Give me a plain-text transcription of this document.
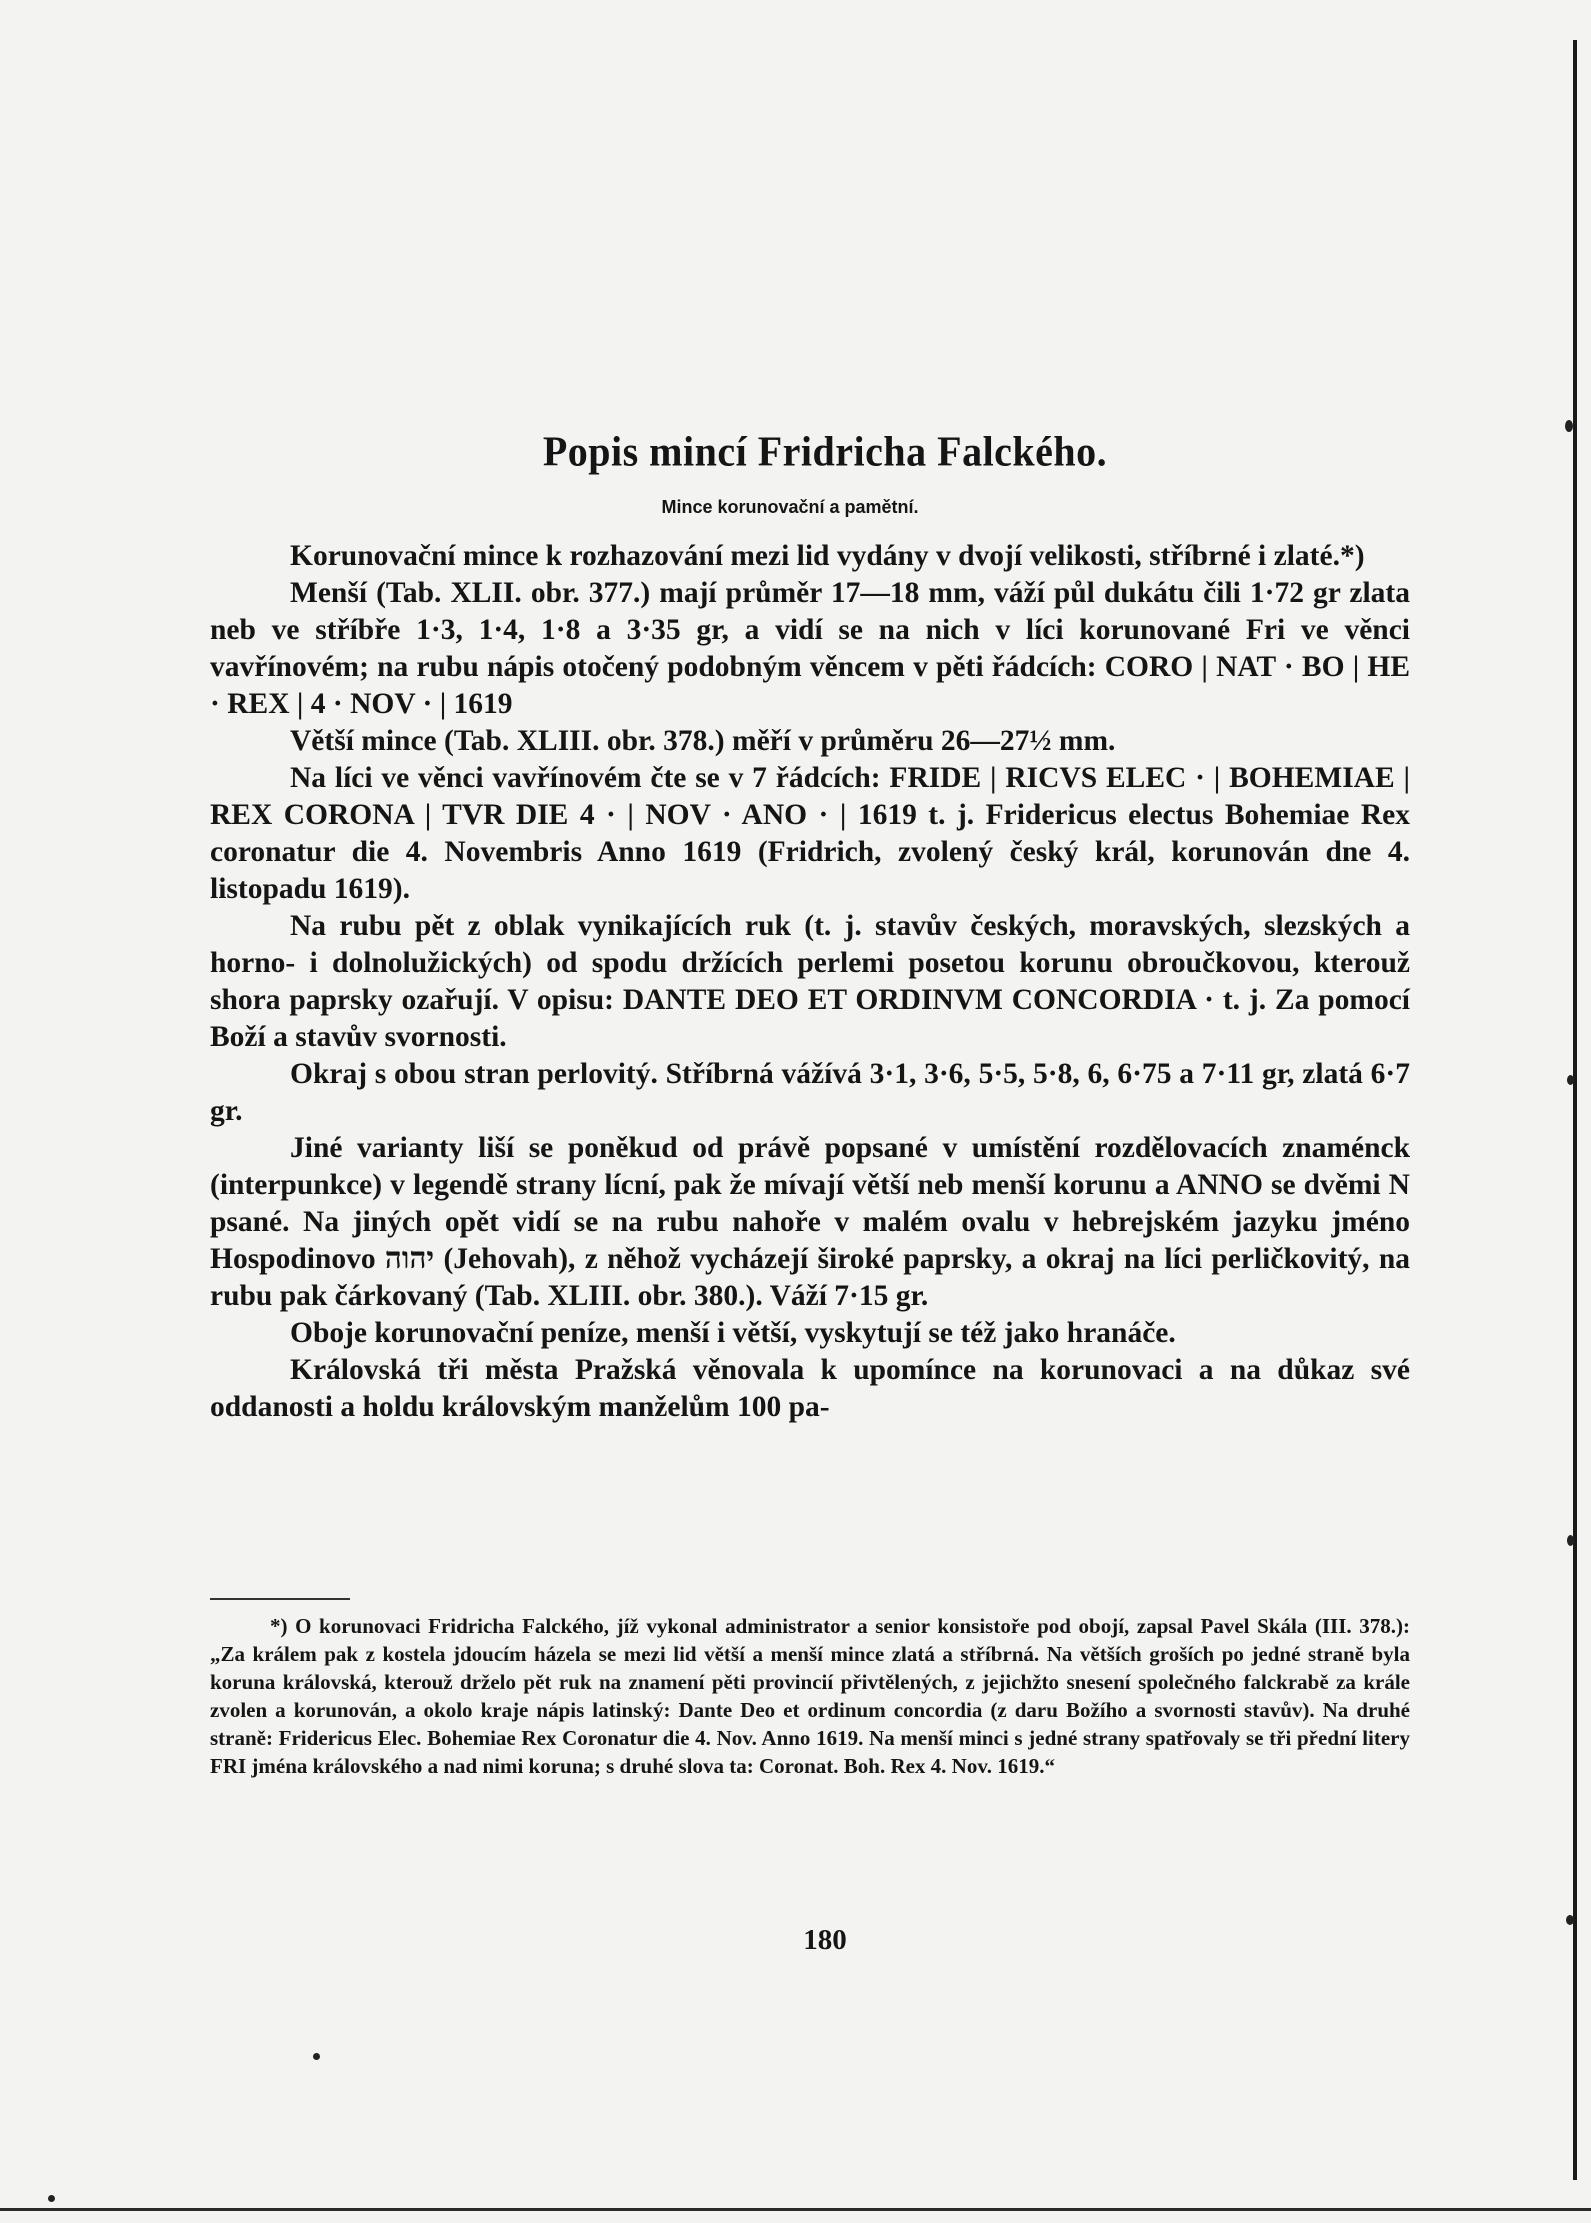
Popis mincí Fridricha Falckého.
Mince korunovační a pamětní.

Korunovační mince k rozhazování mezi lid vydány v dvojí velikosti, stříbrné i zlaté.*)

Menší (Tab. XLII. obr. 377.) mají průměr 17—18 mm, váží půl dukátu čili 1·72 gr zlata neb ve stříbře 1·3, 1·4, 1·8 a 3·35 gr, a vidí se na nich v líci korunované Fri ve věnci vavřínovém; na rubu nápis otočený podobným věncem v pěti řádcích: CORO | NAT · BO | HE · REX | 4 · NOV · | 1619

Větší mince (Tab. XLIII. obr. 378.) měří v průměru 26—27½ mm.

Na líci ve věnci vavřínovém čte se v 7 řádcích: FRIDE | RICVS ELEC · | BOHEMIAE | REX CORONA | TVR DIE 4 · | NOV · ANO · | 1619 t. j. Fridericus electus Bohemiae Rex coronatur die 4. Novembris Anno 1619 (Fridrich, zvolený český král, korunován dne 4. listopadu 1619).

Na rubu pět z oblak vynikajících ruk (t. j. stavův českých, moravských, slezských a horno- i dolnolužických) od spodu držících perlemi posetou korunu obroučkovou, kterouž shora paprsky ozařují. V opisu: DANTE DEO ET ORDINVM CONCORDIA · t. j. Za pomocí Boží a stavův svornosti.

Okraj s obou stran perlovitý. Stříbrná vážívá 3·1, 3·6, 5·5, 5·8, 6, 6·75 a 7·11 gr, zlatá 6·7 gr.

Jiné varianty liší se poněkud od právě popsané v umístění rozdělovacích znaménck (interpunkce) v legendě strany lícní, pak že mívají větší neb menší korunu a ANNO se dvěmi N psané. Na jiných opět vidí se na rubu nahoře v malém ovalu v hebrejském jazyku jméno Hospodinovo יהוה (Jehovah), z něhož vycházejí široké paprsky, a okraj na líci perličkovitý, na rubu pak čárkovaný (Tab. XLIII. obr. 380.). Váží 7·15 gr.

Oboje korunovační peníze, menší i větší, vyskytují se též jako hranáče.

Královská tři města Pražská věnovala k upomínce na korunovaci a na důkaz své oddanosti a holdu královským manželům 100 pa-

*) O korunovaci Fridricha Falckého, jíž vykonal administrator a senior konsistoře pod obojí, zapsal Pavel Skála (III. 378.): „Za králem pak z kostela jdoucím házela se mezi lid větší a menší mince zlatá a stříbrná. Na větších groších po jedné straně byla koruna královská, kterouž drželo pět ruk na znamení pěti provincií přivtělených, z jejichžto snesení společného falckrabě za krále zvolen a korunován, a okolo kraje nápis latinský: Dante Deo et ordinum concordia (z daru Božího a svornosti stavův). Na druhé straně: Fridericus Elec. Bohemiae Rex Coronatur die 4. Nov. Anno 1619. Na menší minci s jedné strany spatřovaly se tři přední litery FRI jména královského a nad nimi koruna; s druhé slova ta: Coronat. Boh. Rex 4. Nov. 1619.“

180
